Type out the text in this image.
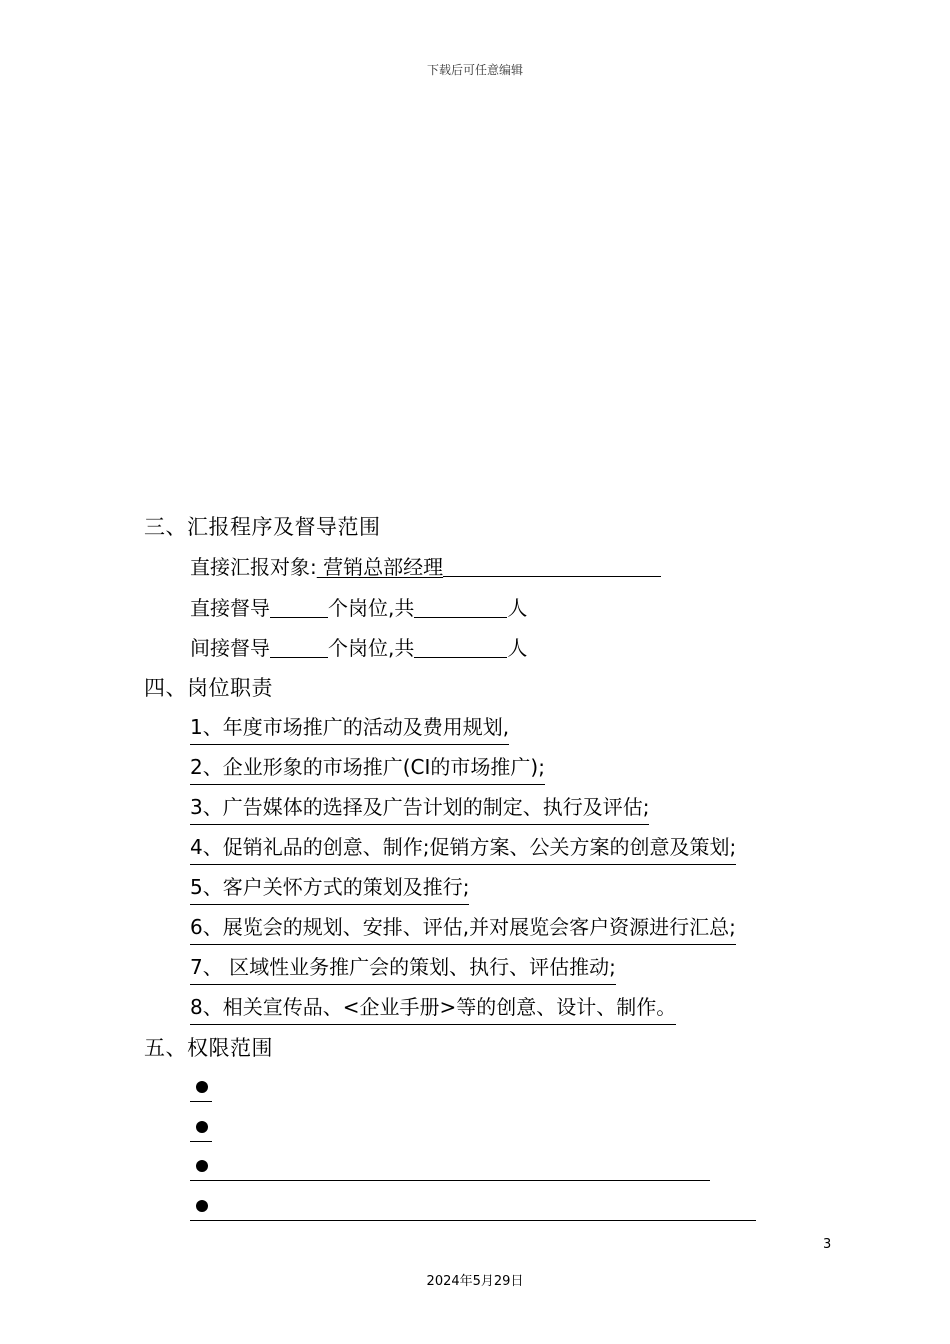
下载后可任意编辑
三、汇报程序及督导范围
直接汇报对象: 营销总部经理
直接督导	个岗位,共	人
间接督导	个岗位,共	人
四、岗位职责
1、年度市场推广的活动及费用规划,
2、企业形象的市场推广(CI的市场推广);
3、广告媒体的选择及广告计划的制定、执行及评估;
4、促销礼品的创意、制作;促销方案、公关方案的创意及策划;
5、客户关怀方式的策划及推行;
6、展览会的规划、安排、评估,并对展览会客户资源进行汇总;
7、 区域性业务推广会的策划、执行、评估推动;
8、相关宣传品、<企业手册>等的创意、设计、制作。
五、权限范围
3
2024年5月29日
